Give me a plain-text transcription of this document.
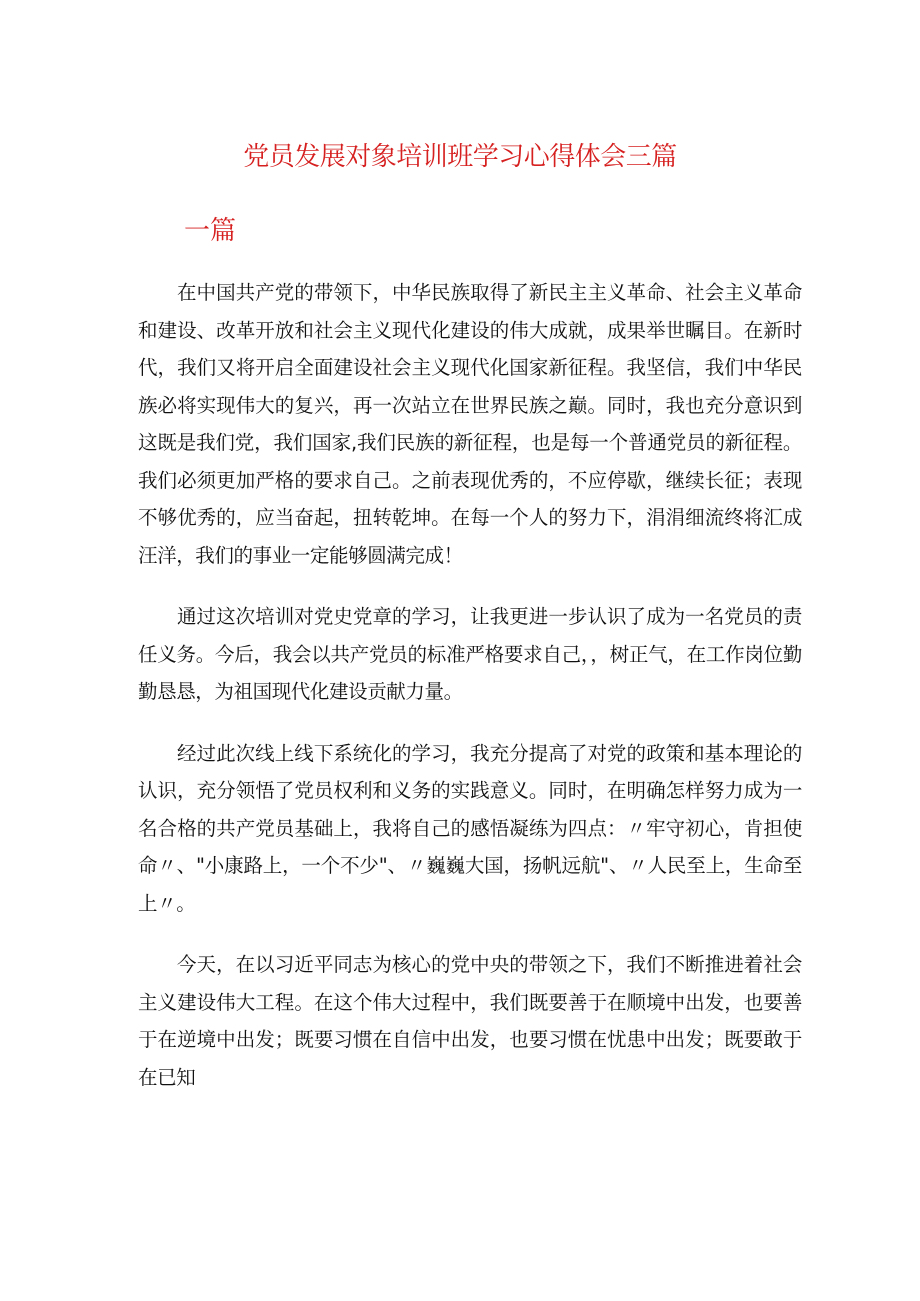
党员发展对象培训班学习心得体会三篇
一篇

在中国共产党的带领下，中华民族取得了新民主主义革命、社会主义革命和建设、改革开放和社会主义现代化建设的伟大成就，成果举世瞩目。在新时代，我们又将开启全面建设社会主义现代化国家新征程。我坚信，我们中华民族必将实现伟大的复兴，再一次站立在世界民族之巅。同时，我也充分意识到这既是我们党，我们国家,我们民族的新征程，也是每一个普通党员的新征程。我们必须更加严格的要求自己。之前表现优秀的，不应停歇，继续长征；表现不够优秀的，应当奋起，扭转乾坤。在每一个人的努力下，涓涓细流终将汇成汪洋，我们的事业一定能够圆满完成！

通过这次培训对党史党章的学习，让我更进一步认识了成为一名党员的责任义务。今后，我会以共产党员的标准严格要求自己，，树正气，在工作岗位勤勤恳恳，为祖国现代化建设贡献力量。

经过此次线上线下系统化的学习，我充分提高了对党的政策和基本理论的认识，充分领悟了党员权利和义务的实践意义。同时，在明确怎样努力成为一名合格的共产党员基础上，我将自己的感悟凝练为四点：〃牢守初心，肯担使命〃、"小康路上，一个不少"、〃巍巍大国，扬帆远航"、〃人民至上，生命至上〃。

今天，在以习近平同志为核心的党中央的带领之下，我们不断推进着社会主义建设伟大工程。在这个伟大过程中，我们既要善于在顺境中出发，也要善于在逆境中出发；既要习惯在自信中出发，也要习惯在忧患中出发；既要敢于在已知
